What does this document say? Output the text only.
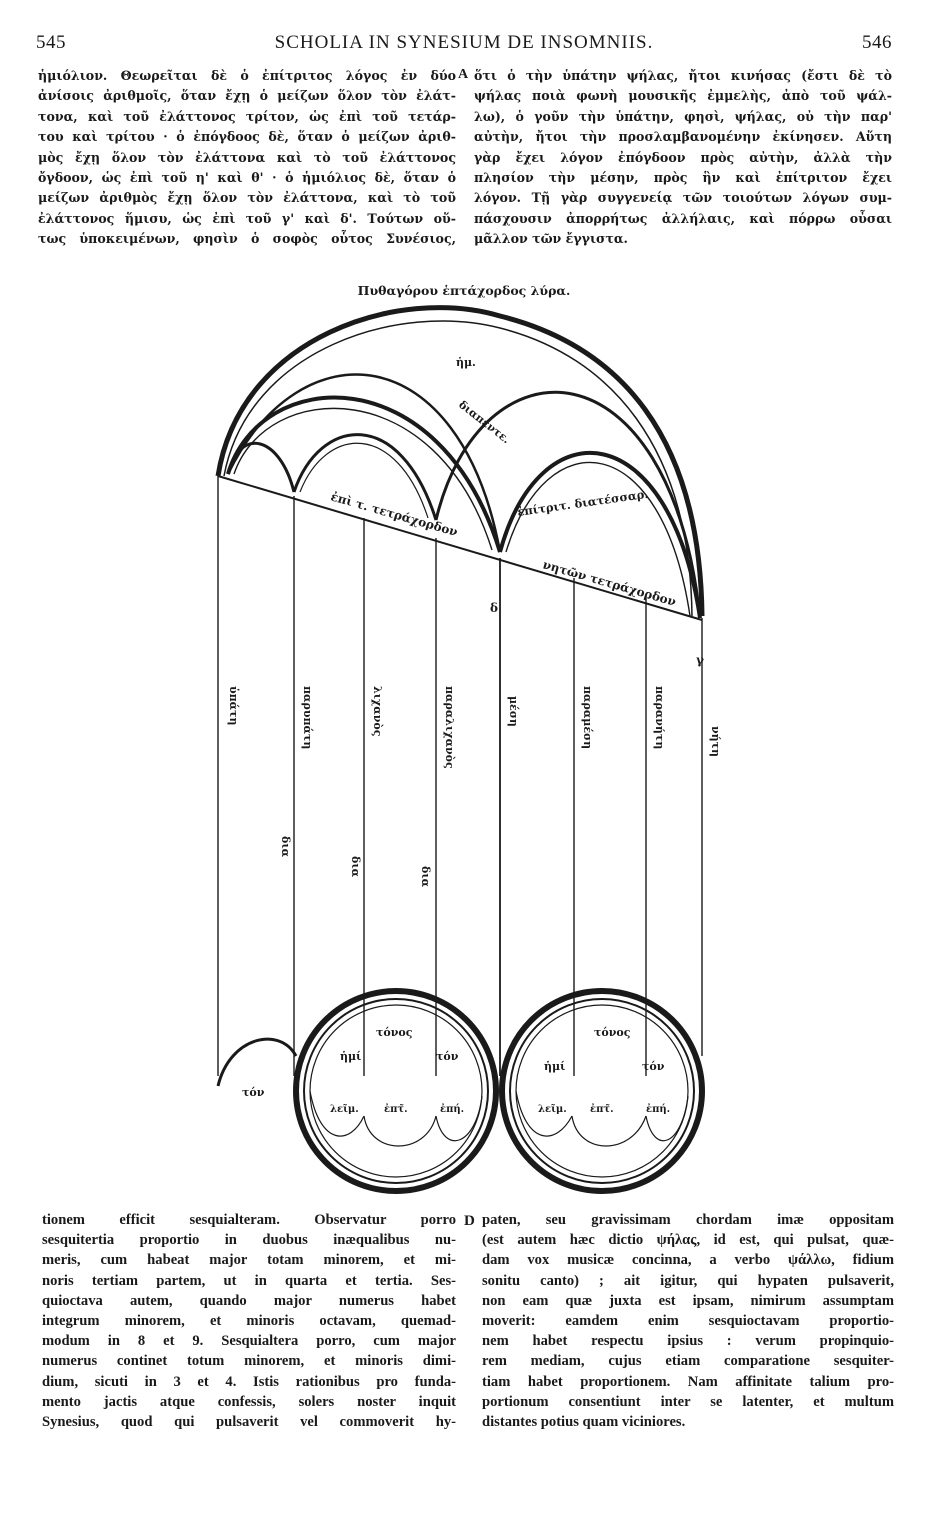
545	SCHOLIA IN SYNESIUM DE INSOMNIIS.	546
A
D
ἡμιόλιον. Θεωρεῖται δὲ ὁ ἐπίτριτος λόγος ἐν δύο
ἀνίσοις ἀριθμοῖς, ὅταν ἔχῃ ὁ μείζων ὅλον τὸν ἐλάτ-
τονα, καὶ τοῦ ἐλάττονος τρίτον, ὡς ἐπὶ τοῦ τετάρ-
του καὶ τρίτου · ὁ ἐπόγδοος δὲ, ὅταν ὁ μείζων ἀριθ-
μὸς ἔχῃ ὅλον τὸν ἐλάττονα καὶ τὸ τοῦ ἐλάττονος
ὄγδοον, ὡς ἐπὶ τοῦ η' καὶ θ' · ὁ ἡμιόλιος δὲ, ὅταν ὁ
μείζων ἀριθμὸς ἔχῃ ὅλον τὸν ἐλάττονα, καὶ τὸ τοῦ
ἐλάττονος ἥμισυ, ὡς ἐπὶ τοῦ γ' καὶ δ'. Τούτων οὕ-
τως ὑποκειμένων, φησὶν ὁ σοφὸς οὗτος Συνέσιος,
ὅτι ὁ τὴν ὑπάτην ψήλας, ἤτοι κινήσας (ἔστι δὲ τὸ
ψήλας ποιὰ φωνὴ μουσικῆς ἐμμελὴς, ἀπὸ τοῦ ψάλ-
λω), ὁ γοῦν τὴν ὑπάτην, φησὶ, ψήλας, οὐ τὴν παρ'
αὐτὴν, ἤτοι τὴν προσλαμβανομένην ἐκίνησεν. Αὕτη
γὰρ ἔχει λόγον ἐπόγδοον πρὸς αὐτὴν, ἀλλὰ τὴν
πλησίον τὴν μέσην, πρὸς ἣν καὶ ἐπίτριτον ἔχει
λόγον. Τῇ γὰρ συγγενείᾳ τῶν τοιούτων λόγων συμ-
πάσχουσιν ἀπορρήτως ἀλλήλαις, καὶ πόρρω οὖσαι
μᾶλλον τῶν ἔγγιστα.
Πυθαγόρου ἑπτάχορδος λύρα.
ἡμ.
διαπέντε.
ἐπίτριτ. διατέσσαρ.
ἐπὶ τ. τετράχορδον
νητῶν τετράχορδον
δ
γ
ὑπάτη	παρυπάτη	λιχανὸς	παραλιχανὸς	μέση	παραμέση	παρανήτη	νήτη
δια
δια	δια
τόνος
ἡμί	τόν
λεῖμ.	ἐπτ̃.	ἐπή.
τόνος
ἡμί	τόν
λεῖμ. ἐπτ̃.	ἐπή.
τόν
tionem efficit sesquialteram. Observatur porro
sesquitertia proportio in duobus inæqualibus nu-
meris, cum habeat major totam minorem, et mi-
noris tertiam partem, ut in quarta et tertia. Ses-
quioctava autem, quando major numerus habet
integrum minorem, et minoris octavam, quemad-
modum in 8 et 9. Sesquialtera porro, cum major
numerus continet totum minorem, et minoris dimi-
dium, sicuti in 3 et 4. Istis rationibus pro funda-
mento jactis atque confessis, solers noster inquit
Synesius, quod qui pulsaverit vel commoverit hy-
paten, seu gravissimam chordam imæ oppositam
(est autem hæc dictio ψήλας, id est, qui pulsat, quæ-
dam vox musicæ concinna, a verbo ψάλλω, fidium
sonitu canto) ; ait igitur, qui hypaten pulsaverit,
non eam quæ juxta est ipsam, nimirum assumptam
moverit: eamdem enim sesquioctavam proportio-
nem habet respectu ipsius : verum propinquio-
rem mediam, cujus etiam comparatione sesquiter-
tiam habet proportionem. Nam affinitate talium pro-
portionum consentiunt inter se latenter, et multum
distantes potius quam viciniores.
